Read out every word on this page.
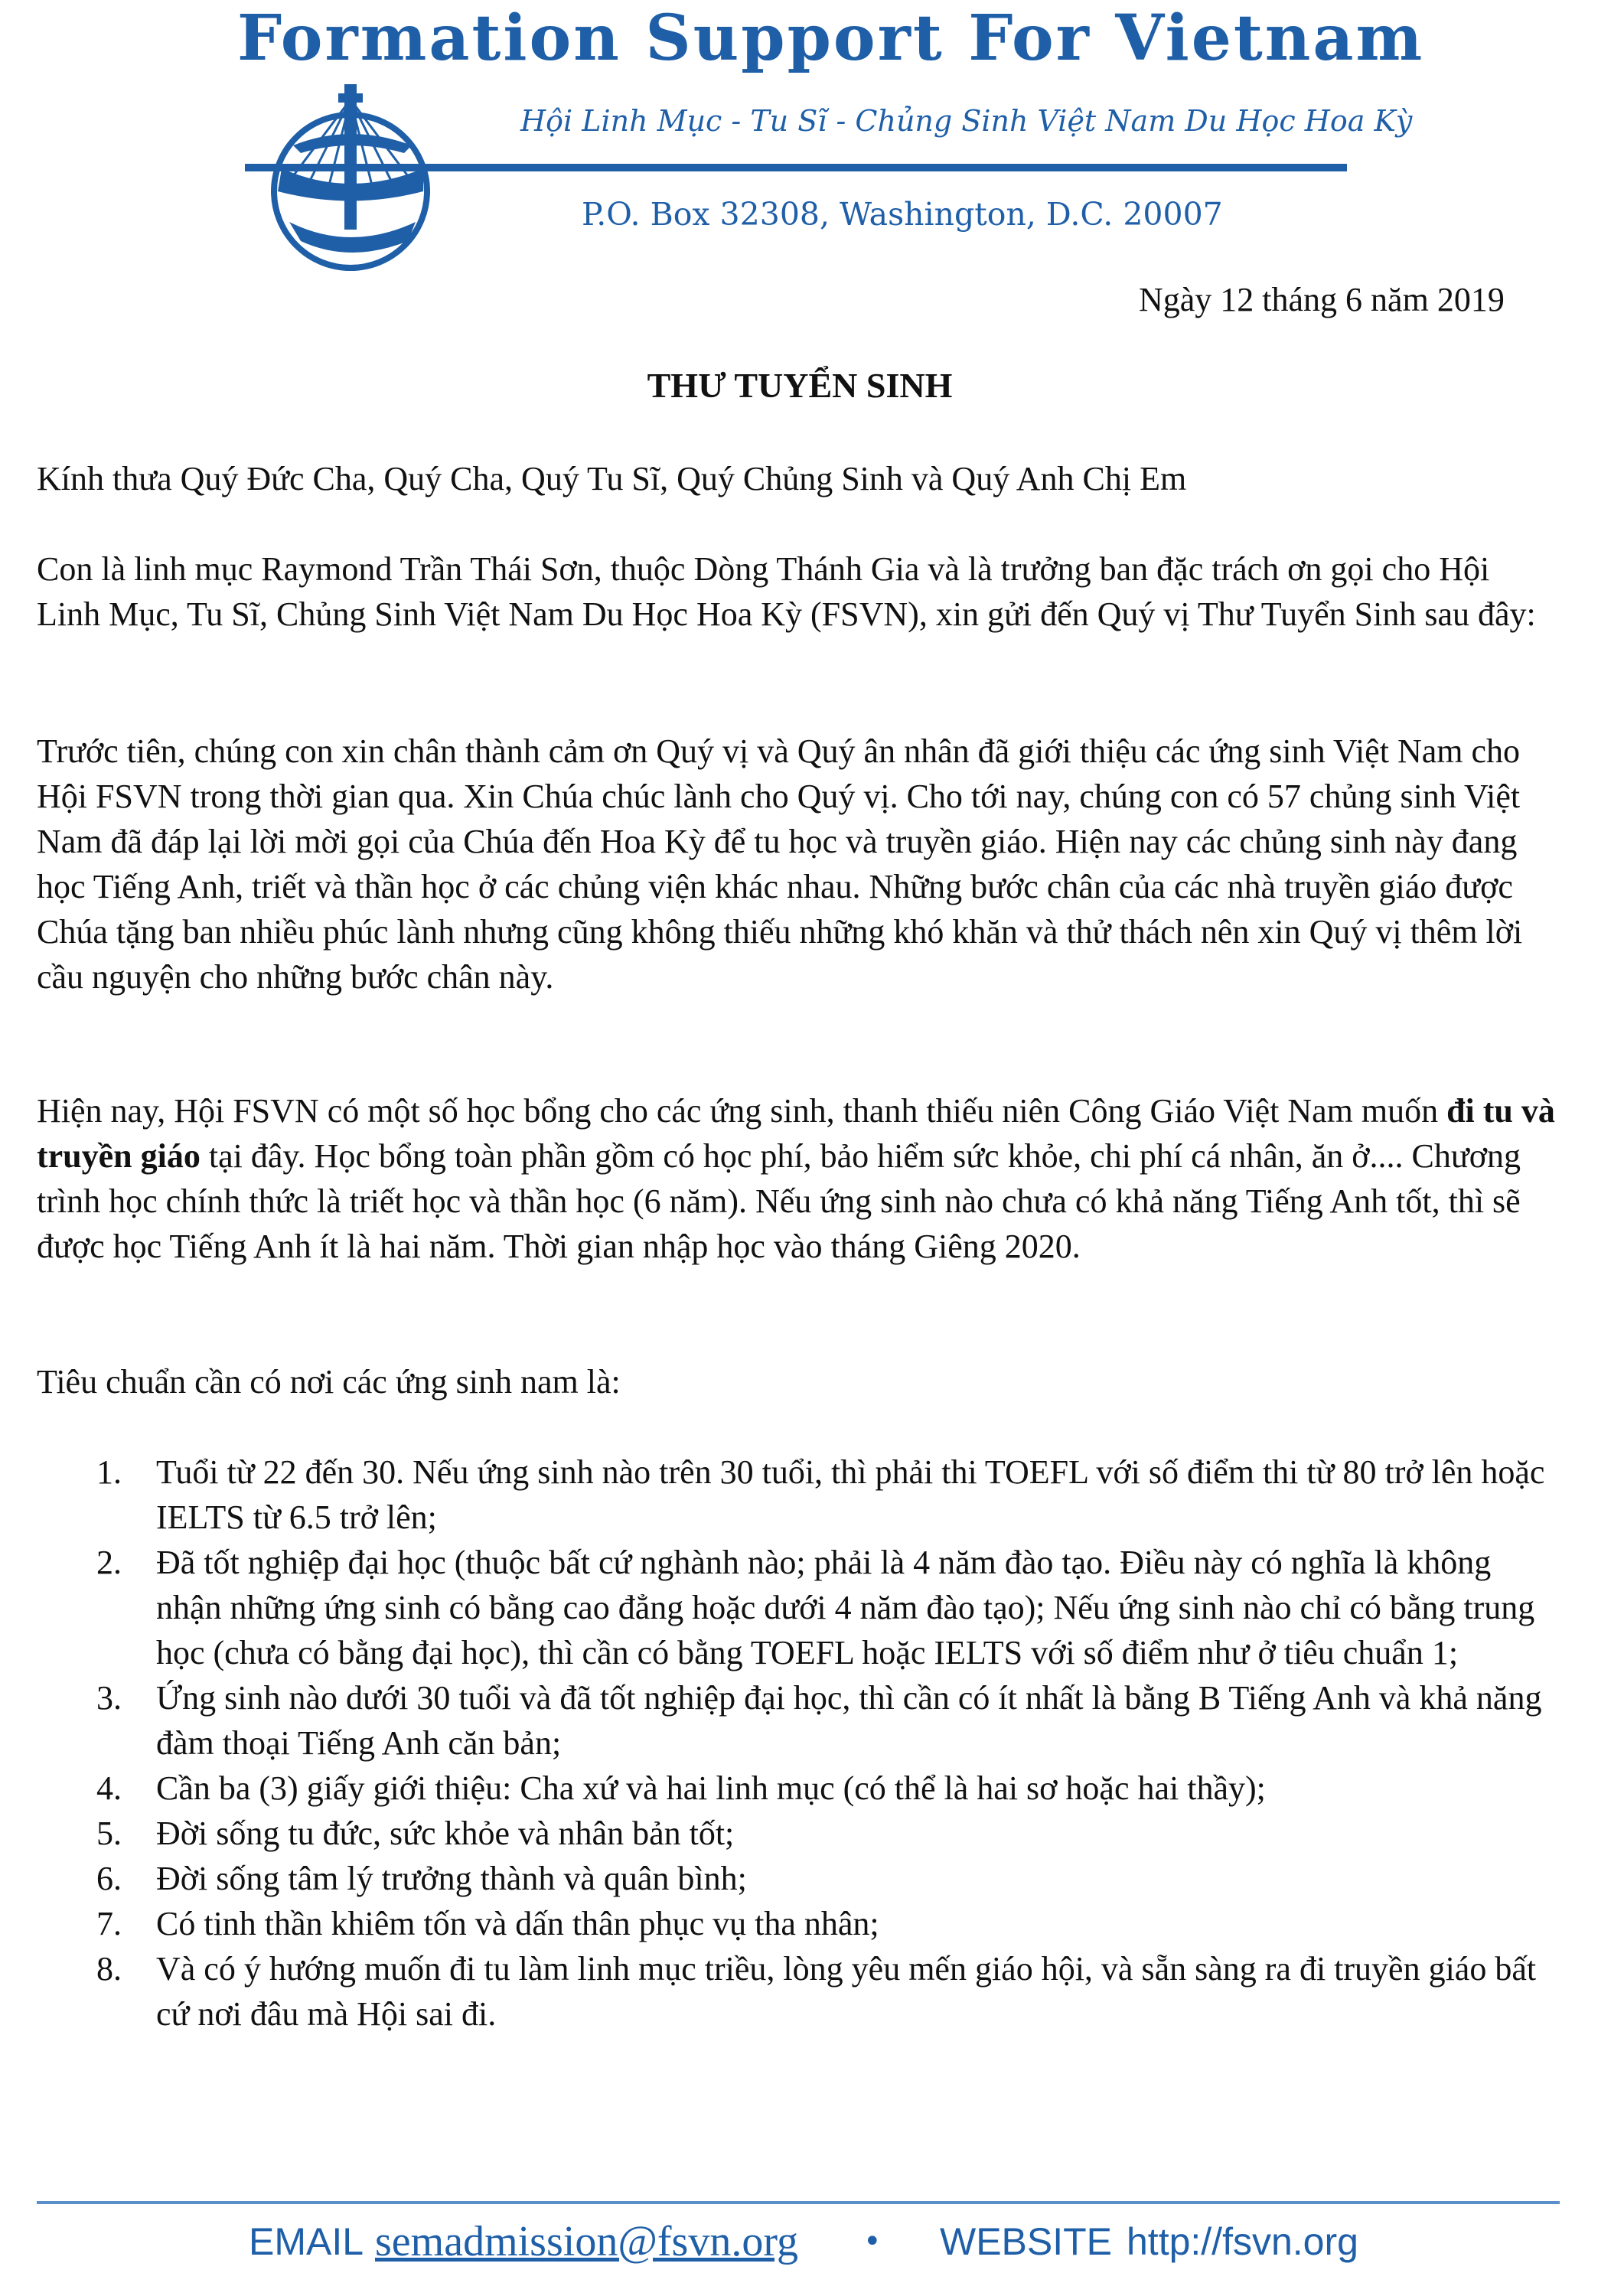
Formation Support For Vietnam
Hội Linh Mục - Tu Sĩ - Chủng Sinh Việt Nam Du Học Hoa Kỳ
P.O. Box 32308, Washington, D.C. 20007
Ngày 12 tháng 6 năm 2019
THƯ TUYỂN SINH

Kính thưa Quý Đức Cha, Quý Cha, Quý Tu Sĩ, Quý Chủng Sinh và Quý Anh Chị Em

Con là linh mục Raymond Trần Thái Sơn, thuộc Dòng Thánh Gia và là trưởng ban đặc trách ơn gọi cho Hội Linh Mục, Tu Sĩ, Chủng Sinh Việt Nam Du Học Hoa Kỳ (FSVN), xin gửi đến Quý vị Thư Tuyển Sinh sau đây:

Trước tiên, chúng con xin chân thành cảm ơn Quý vị và Quý ân nhân đã giới thiệu các ứng sinh Việt Nam cho Hội FSVN trong thời gian qua. Xin Chúa chúc lành cho Quý vị. Cho tới nay, chúng con có 57 chủng sinh Việt Nam đã đáp lại lời mời gọi của Chúa đến Hoa Kỳ để tu học và truyền giáo. Hiện nay các chủng sinh này đang học Tiếng Anh, triết và thần học ở các chủng viện khác nhau. Những bước chân của các nhà truyền giáo được Chúa tặng ban nhiều phúc lành nhưng cũng không thiếu những khó khăn và thử thách nên xin Quý vị thêm lời cầu nguyện cho những bước chân này.

Hiện nay, Hội FSVN có một số học bổng cho các ứng sinh, thanh thiếu niên Công Giáo Việt Nam muốn đi tu và truyền giáo tại đây. Học bổng toàn phần gồm có học phí, bảo hiểm sức khỏe, chi phí cá nhân, ăn ở.... Chương trình học chính thức là triết học và thần học (6 năm). Nếu ứng sinh nào chưa có khả năng Tiếng Anh tốt, thì sẽ được học Tiếng Anh ít là hai năm. Thời gian nhập học vào tháng Giêng 2020.

Tiêu chuẩn cần có nơi các ứng sinh nam là:

1. Tuổi từ 22 đến 30. Nếu ứng sinh nào trên 30 tuổi, thì phải thi TOEFL với số điểm thi từ 80 trở lên hoặc IELTS từ 6.5 trở lên;
2. Đã tốt nghiệp đại học (thuộc bất cứ nghành nào; phải là 4 năm đào tạo. Điều này có nghĩa là không nhận những ứng sinh có bằng cao đẳng hoặc dưới 4 năm đào tạo); Nếu ứng sinh nào chỉ có bằng trung học (chưa có bằng đại học), thì cần có bằng TOEFL hoặc IELTS với số điểm như ở tiêu chuẩn 1;
3. Ứng sinh nào dưới 30 tuổi và đã tốt nghiệp đại học, thì cần có ít nhất là bằng B Tiếng Anh và khả năng đàm thoại Tiếng Anh căn bản;
4. Cần ba (3) giấy giới thiệu: Cha xứ và hai linh mục (có thể là hai sơ hoặc hai thầy);
5. Đời sống tu đức, sức khỏe và nhân bản tốt;
6. Đời sống tâm lý trưởng thành và quân bình;
7. Có tinh thần khiêm tốn và dấn thân phục vụ tha nhân;
8. Và có ý hướng muốn đi tu làm linh mục triều, lòng yêu mến giáo hội, và sẵn sàng ra đi truyền giáo bất cứ nơi đâu mà Hội sai đi.
EMAIL semadmission@fsvn.org • WEBSITE http://fsvn.org
